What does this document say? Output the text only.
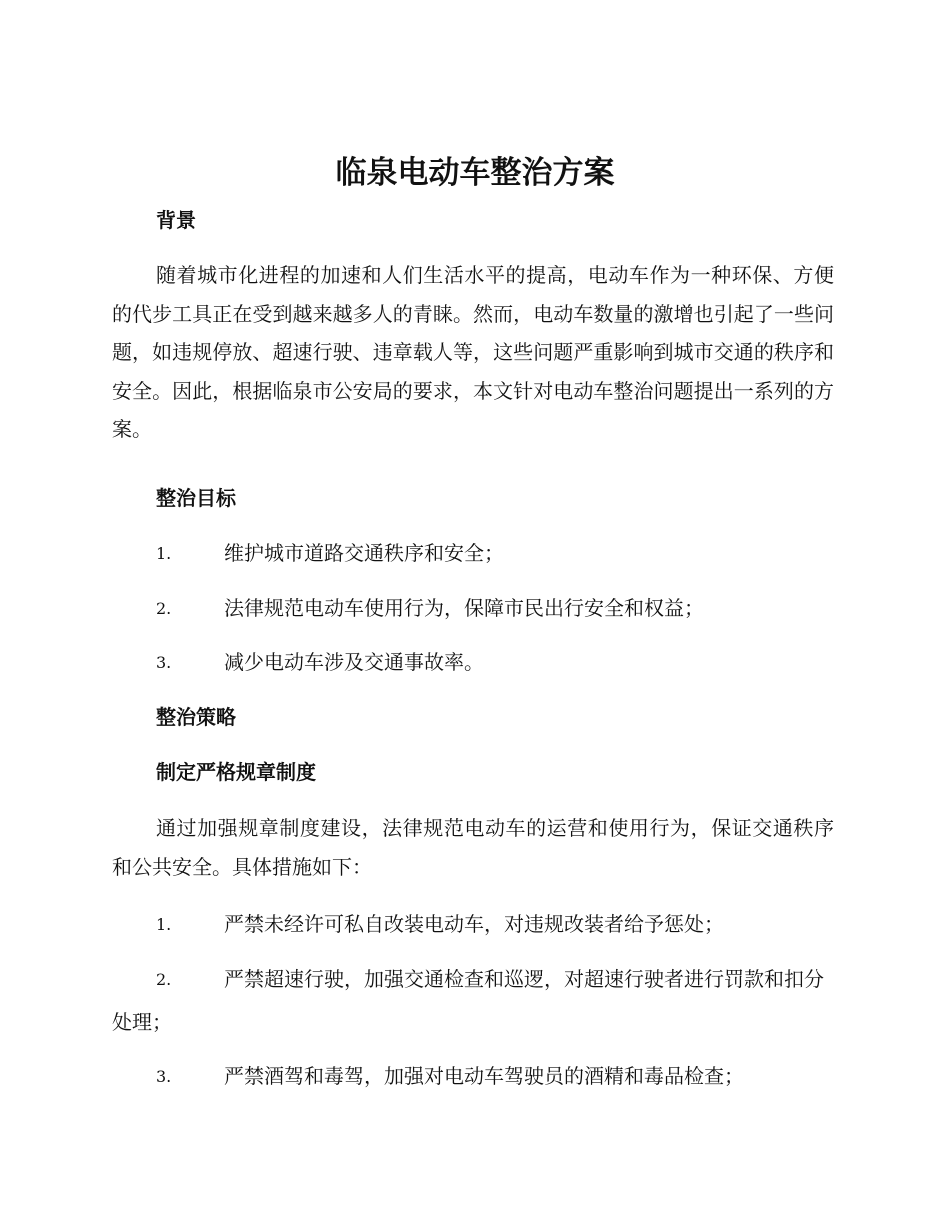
临泉电动车整治方案
背景

随着城市化进程的加速和人们生活水平的提高，电动车作为一种环保、方便的代步工具正在受到越来越多人的青睐。然而，电动车数量的激增也引起了一些问题，如违规停放、超速行驶、违章载人等，这些问题严重影响到城市交通的秩序和安全。因此，根据临泉市公安局的要求，本文针对电动车整治问题提出一系列的方案。

整治目标
1.	维护城市道路交通秩序和安全；
2.	法律规范电动车使用行为，保障市民出行安全和权益；
3.	减少电动车涉及交通事故率。
整治策略
制定严格规章制度

通过加强规章制度建设，法律规范电动车的运营和使用行为，保证交通秩序和公共安全。具体措施如下：

1.	严禁未经许可私自改装电动车，对违规改装者给予惩处；
2.	严禁超速行驶，加强交通检查和巡逻，对超速行驶者进行罚款和扣分处理；
3.	严禁酒驾和毒驾，加强对电动车驾驶员的酒精和毒品检查；
